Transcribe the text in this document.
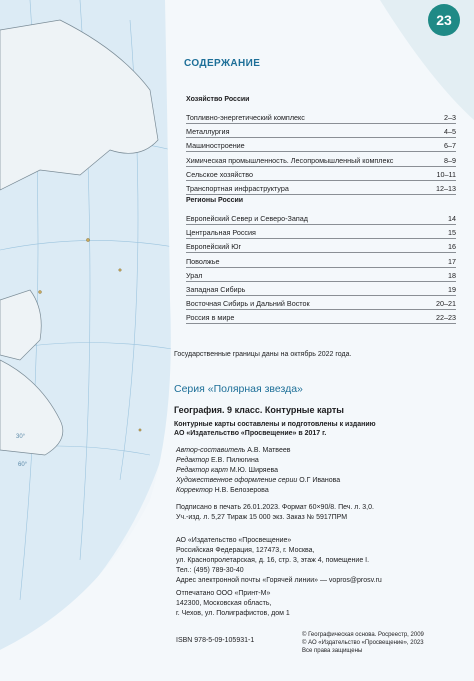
30°
60°
23
СОДЕРЖАНИЕ
Хозяйство России
Топливно-энергетический комплекс	2–3
Металлургия	4–5
Машиностроение	6–7
Химическая промышленность. Лесопромышленный комплекс	8–9
Сельское хозяйство	10–11
Транспортная инфраструктура	12–13
Регионы России
Европейский Север и Северо-Запад	14
Центральная Россия	15
Европейский Юг	16
Поволжье	17
Урал	18
Западная Сибирь	19
Восточная Сибирь и Дальний Восток	20–21
Россия в мире	22–23
Государственные границы даны на октябрь 2022 года.
Серия «Полярная звезда»
География. 9 класс. Контурные карты
Контурные карты составлены и подготовлены к изданию
АО «Издательство «Просвещение» в 2017 г.
Автор-составитель А.В. Матвеев
Редактор Е.В. Пилюгина
Редактор карт М.Ю. Ширяева
Художественное оформление серии О.Г Иванова
Корректор Н.В. Белозерова
Подписано в печать 26.01.2023. Формат 60×90/8. Печ. л. 3,0.
Уч.-изд. л. 5,27 Тираж 15 000 экз. Заказ № 5917ПРМ
АО «Издательство «Просвещение»
Российская Федерация, 127473, г. Москва,
ул. Краснопролетарская, д. 16, стр. 3, этаж 4, помещение I.
Тел.: (495) 789-30-40
Адрес электронной почты «Горячей линии» — vopros@prosv.ru
Отпечатано ООО «Принт-М»
142300, Московская область,
г. Чехов, ул. Полиграфистов, дом 1
ISBN 978-5-09-105931-1
© Географическая основа. Росреестр, 2009
© АО «Издательство «Просвещение», 2023
Все права защищены
